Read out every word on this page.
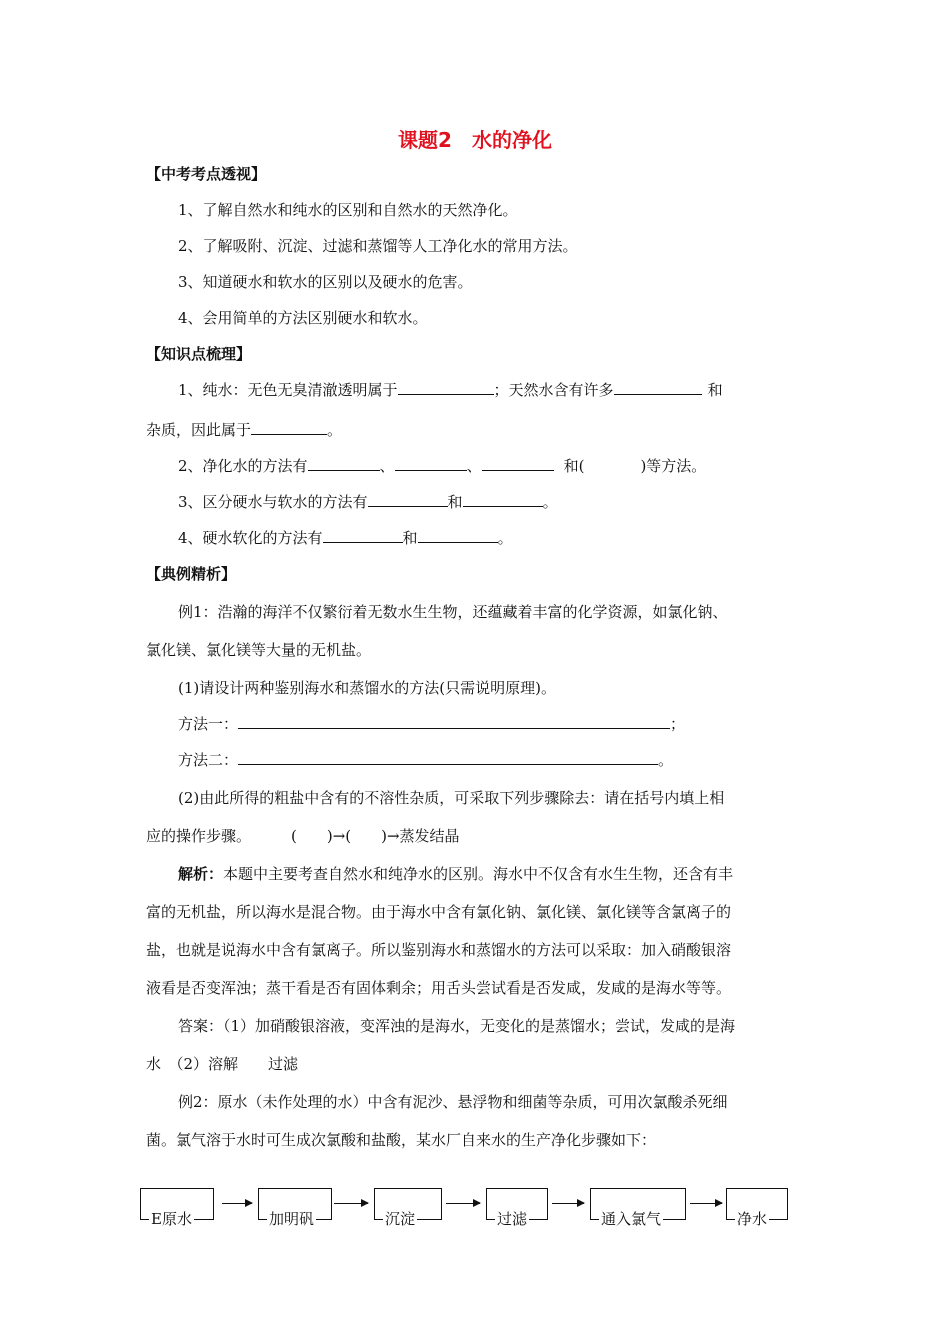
课题2　水的净化
【中考考点透视】
1、了解自然水和纯水的区别和自然水的天然净化。
2、了解吸附、沉淀、过滤和蒸馏等人工净化水的常用方法。
3、知道硬水和软水的区别以及硬水的危害。
4、会用简单的方法区别硬水和软水。
【知识点梳理】
1、纯水：无色无臭清澈透明属于	；天然水含有许多	和
杂质，因此属于	。
2、净化水的方法有	、	、	和(	)等方法。
3、区分硬水与软水的方法有	和	。
4、硬水软化的方法有	和	。
【典例精析】
例1：浩瀚的海洋不仅繁衍着无数水生生物，还蕴藏着丰富的化学资源，如氯化钠、
氯化镁、氯化镁等大量的无机盐。
(1)请设计两种鉴别海水和蒸馏水的方法(只需说明原理)。
方法一：	；
方法二：	。
(2)由此所得的粗盐中含有的不溶性杂质，可采取下列步骤除去：请在括号内填上相
应的操作步骤。	(　　)→(　　)→蒸发结晶
解析：本题中主要考查自然水和纯净水的区别。海水中不仅含有水生生物，还含有丰
富的无机盐，所以海水是混合物。由于海水中含有氯化钠、氯化镁、氯化镁等含氯离子的
盐，也就是说海水中含有氯离子。所以鉴别海水和蒸馏水的方法可以采取：加入硝酸银溶
液看是否变浑浊；蒸干看是否有固体剩余；用舌头尝试看是否发咸，发咸的是海水等等。
答案：（1）加硝酸银溶液，变浑浊的是海水，无变化的是蒸馏水；尝试，发咸的是海
水　（2）溶解　　过滤
例2：原水（未作处理的水）中含有泥沙、悬浮物和细菌等杂质，可用次氯酸杀死细
菌。氯气溶于水时可生成次氯酸和盐酸，某水厂自来水的生产净化步骤如下：
E原水	加明矾	沉淀	过滤	通入氯气	净水
